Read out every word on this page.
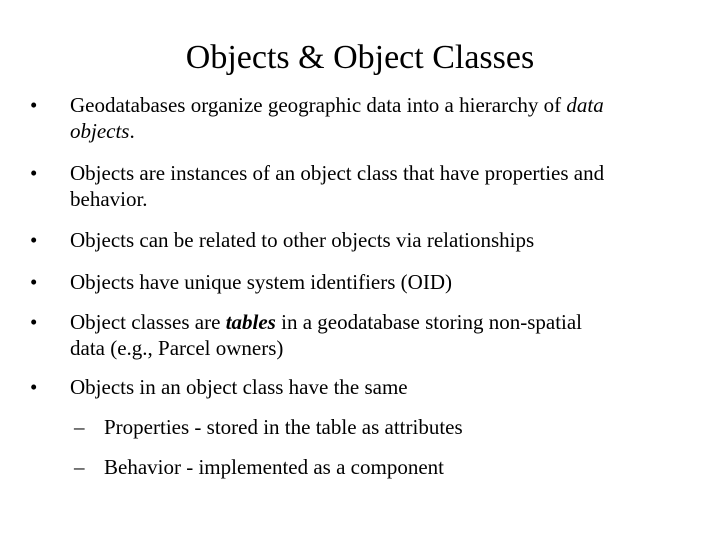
Objects & Object Classes
• Geodatabases organize geographic data into a hierarchy of data
objects.
• Objects are instances of an object class that have properties and
behavior.
• Objects can be related to other objects via relationships
• Objects have unique system identifiers (OID)
• Object classes are tables in a geodatabase storing non-spatial
data (e.g., Parcel owners)
• Objects in an object class have the same
– Properties - stored in the table as attributes
– Behavior - implemented as a component
